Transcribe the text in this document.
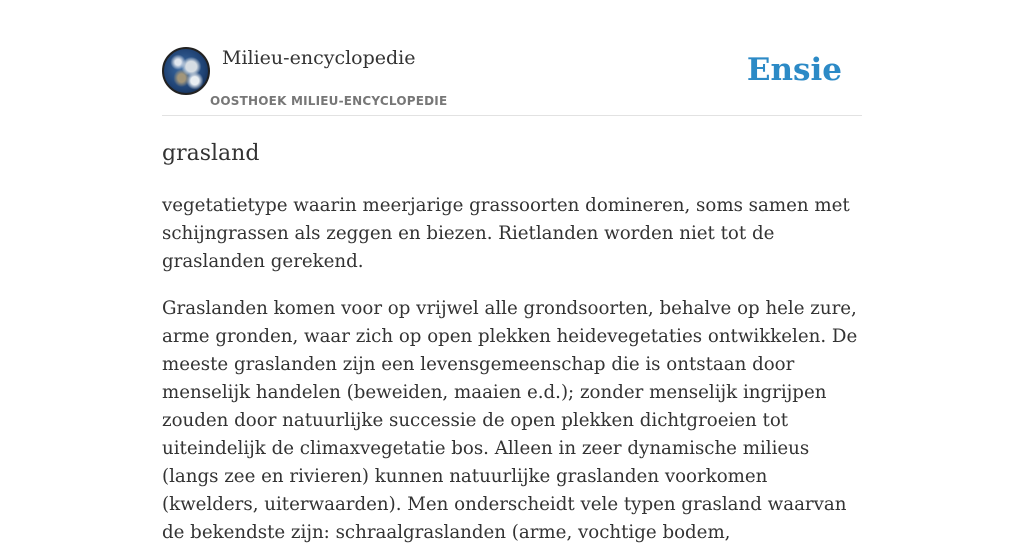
Milieu-encyclopedie
OOSTHOEK MILIEU-ENCYCLOPEDIE
Ensie
grasland

vegetatietype waarin meerjarige grassoorten domineren, soms samen met schijngrassen als zeggen en biezen. Rietlanden worden niet tot de graslanden gerekend.

Graslanden komen voor op vrijwel alle grondsoorten, behalve op hele zure, arme gronden, waar zich op open plekken heidevegetaties ontwikkelen. De meeste graslanden zijn een levensgemeenschap die is ontstaan door menselijk handelen (beweiden, maaien e.d.); zonder menselijk ingrijpen zouden door natuurlijke successie de open plekken dichtgroeien tot uiteindelijk de climaxvegetatie bos. Alleen in zeer dynamische milieus (langs zee en rivieren) kunnen natuurlijke graslanden voorkomen (kwelders, uiterwaarden). Men onderscheidt vele typen grasland waarvan de bekendste zijn: schraalgraslanden (arme, vochtige bodem,
